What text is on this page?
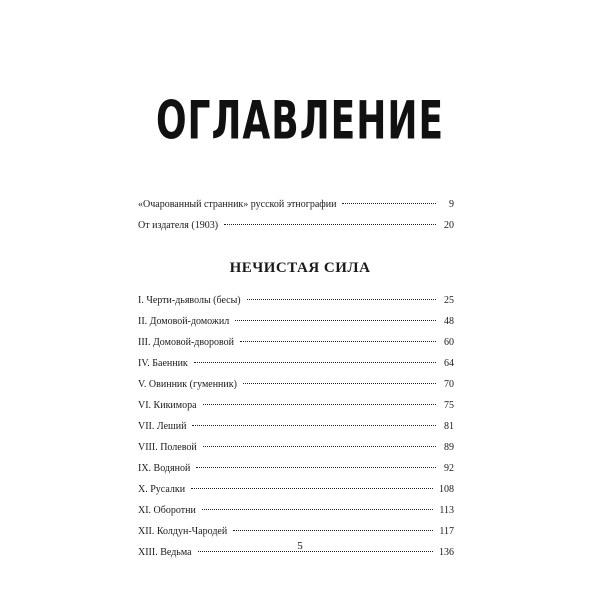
ОГЛАВЛЕНИЕ
«Очарованный странник» русской этнографии	9
От издателя (1903)	20
НЕЧИСТАЯ СИЛА
I. Черти-дьяволы (бесы)	25
II. Домовой-доможил	48
III. Домовой-дворовой	60
IV. Баенник	64
V. Овинник (гуменник)	70
VI. Кикимора	75
VII. Леший	81
VIII. Полевой	89
IX. Водяной	92
X. Русалки	108
XI. Оборотни	113
XII. Колдун-Чародей	117
XIII. Ведьма	136
5
